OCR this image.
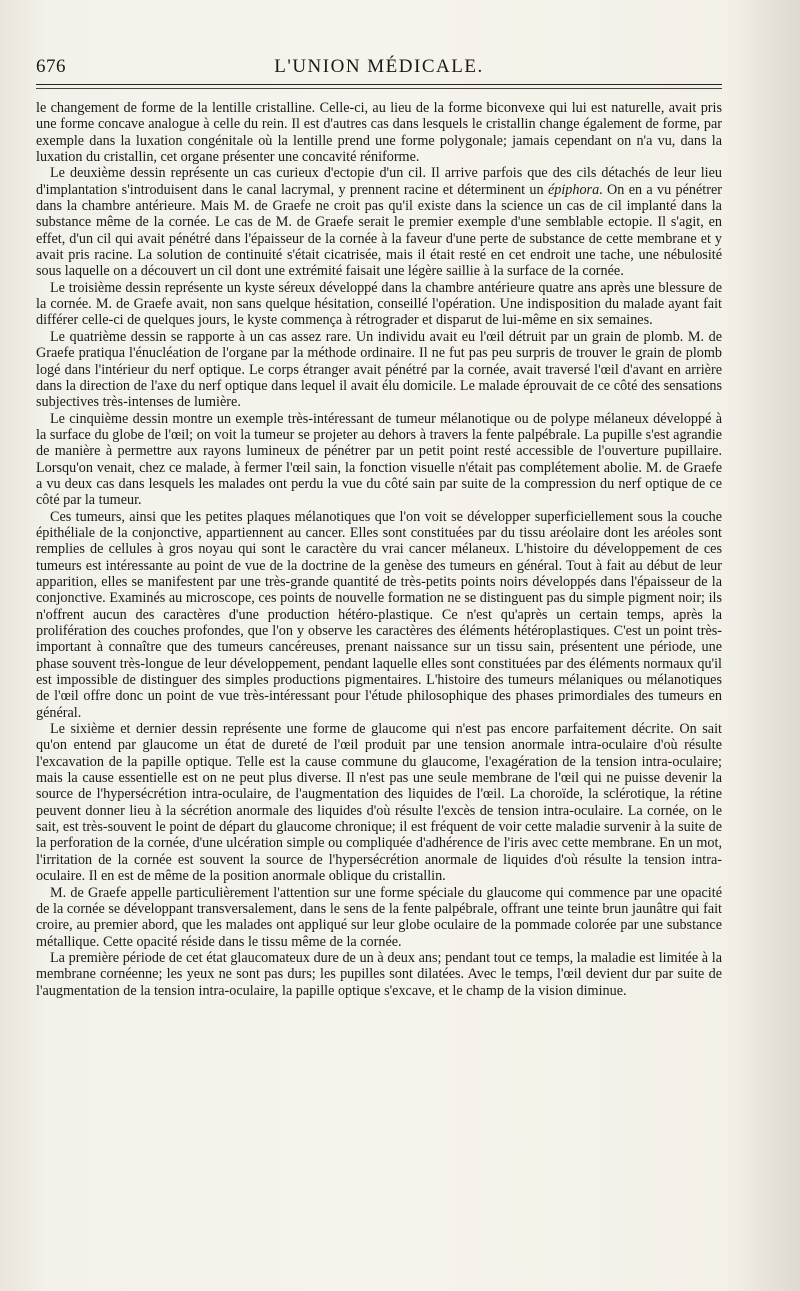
676	L'UNION MÉDICALE.

le changement de forme de la lentille cristalline. Celle-ci, au lieu de la forme biconvexe qui lui est naturelle, avait pris une forme concave analogue à celle du rein. Il est d'autres cas dans lesquels le cristallin change également de forme, par exemple dans la luxation congénitale où la lentille prend une forme polygonale; jamais cependant on n'a vu, dans la luxation du cristallin, cet organe présenter une concavité réniforme.

Le deuxième dessin représente un cas curieux d'ectopie d'un cil. Il arrive parfois que des cils détachés de leur lieu d'implantation s'introduisent dans le canal lacrymal, y prennent racine et déterminent un épiphora. On en a vu pénétrer dans la chambre antérieure. Mais M. de Graefe ne croit pas qu'il existe dans la science un cas de cil implanté dans la substance même de la cornée. Le cas de M. de Graefe serait le premier exemple d'une semblable ectopie. Il s'agit, en effet, d'un cil qui avait pénétré dans l'épaisseur de la cornée à la faveur d'une perte de substance de cette membrane et y avait pris racine. La solution de continuité s'était cicatrisée, mais il était resté en cet endroit une tache, une nébulosité sous laquelle on a découvert un cil dont une extrémité faisait une légère saillie à la surface de la cornée.

Le troisième dessin représente un kyste séreux développé dans la chambre antérieure quatre ans après une blessure de la cornée. M. de Graefe avait, non sans quelque hésitation, conseillé l'opération. Une indisposition du malade ayant fait différer celle-ci de quelques jours, le kyste commença à rétrograder et disparut de lui-même en six semaines.

Le quatrième dessin se rapporte à un cas assez rare. Un individu avait eu l'œil détruit par un grain de plomb. M. de Graefe pratiqua l'énucléation de l'organe par la méthode ordinaire. Il ne fut pas peu surpris de trouver le grain de plomb logé dans l'intérieur du nerf optique. Le corps étranger avait pénétré par la cornée, avait traversé l'œil d'avant en arrière dans la direction de l'axe du nerf optique dans lequel il avait élu domicile. Le malade éprouvait de ce côté des sensations subjectives très-intenses de lumière.

Le cinquième dessin montre un exemple très-intéressant de tumeur mélanotique ou de polype mélaneux développé à la surface du globe de l'œil; on voit la tumeur se projeter au dehors à travers la fente palpébrale. La pupille s'est agrandie de manière à permettre aux rayons lumineux de pénétrer par un petit point resté accessible de l'ouverture pupillaire. Lorsqu'on venait, chez ce malade, à fermer l'œil sain, la fonction visuelle n'était pas complétement abolie. M. de Graefe a vu deux cas dans lesquels les malades ont perdu la vue du côté sain par suite de la compression du nerf optique de ce côté par la tumeur.

Ces tumeurs, ainsi que les petites plaques mélanotiques que l'on voit se développer superficiellement sous la couche épithéliale de la conjonctive, appartiennent au cancer. Elles sont constituées par du tissu aréolaire dont les aréoles sont remplies de cellules à gros noyau qui sont le caractère du vrai cancer mélaneux. L'histoire du développement de ces tumeurs est intéressante au point de vue de la doctrine de la genèse des tumeurs en général. Tout à fait au début de leur apparition, elles se manifestent par une très-grande quantité de très-petits points noirs développés dans l'épaisseur de la conjonctive. Examinés au microscope, ces points de nouvelle formation ne se distinguent pas du simple pigment noir; ils n'offrent aucun des caractères d'une production hétéro-plastique. Ce n'est qu'après un certain temps, après la prolifération des couches profondes, que l'on y observe les caractères des éléments hétéroplastiques. C'est un point très-important à connaître que des tumeurs cancéreuses, prenant naissance sur un tissu sain, présentent une période, une phase souvent très-longue de leur développement, pendant laquelle elles sont constituées par des éléments normaux qu'il est impossible de distinguer des simples productions pigmentaires. L'histoire des tumeurs mélaniques ou mélanotiques de l'œil offre donc un point de vue très-intéressant pour l'étude philosophique des phases primordiales des tumeurs en général.

Le sixième et dernier dessin représente une forme de glaucome qui n'est pas encore parfaitement décrite. On sait qu'on entend par glaucome un état de dureté de l'œil produit par une tension anormale intra-oculaire d'où résulte l'excavation de la papille optique. Telle est la cause commune du glaucome, l'exagération de la tension intra-oculaire; mais la cause essentielle est on ne peut plus diverse. Il n'est pas une seule membrane de l'œil qui ne puisse devenir la source de l'hypersécrétion intra-oculaire, de l'augmentation des liquides de l'œil. La choroïde, la sclérotique, la rétine peuvent donner lieu à la sécrétion anormale des liquides d'où résulte l'excès de tension intra-oculaire. La cornée, on le sait, est très-souvent le point de départ du glaucome chronique; il est fréquent de voir cette maladie survenir à la suite de la perforation de la cornée, d'une ulcération simple ou compliquée d'adhérence de l'iris avec cette membrane. En un mot, l'irritation de la cornée est souvent la source de l'hypersécrétion anormale de liquides d'où résulte la tension intra-oculaire. Il en est de même de la position anormale oblique du cristallin.

M. de Graefe appelle particulièrement l'attention sur une forme spéciale du glaucome qui commence par une opacité de la cornée se développant transversalement, dans le sens de la fente palpébrale, offrant une teinte brun jaunâtre qui fait croire, au premier abord, que les malades ont appliqué sur leur globe oculaire de la pommade colorée par une substance métallique. Cette opacité réside dans le tissu même de la cornée.

La première période de cet état glaucomateux dure de un à deux ans; pendant tout ce temps, la maladie est limitée à la membrane cornéenne; les yeux ne sont pas durs; les pupilles sont dilatées. Avec le temps, l'œil devient dur par suite de l'augmentation de la tension intra-oculaire, la papille optique s'excave, et le champ de la vision diminue.
